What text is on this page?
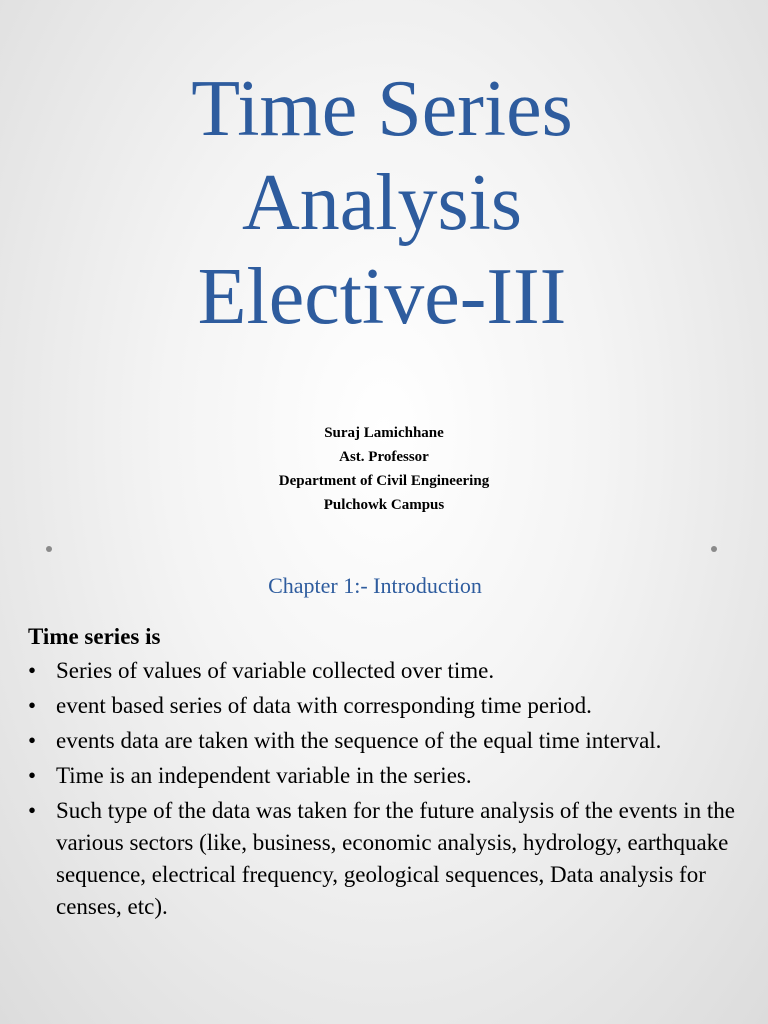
Time Series
Analysis
Elective-III
Suraj Lamichhane
Ast. Professor
Department of Civil Engineering
Pulchowk Campus
Chapter 1:- Introduction
Time series is
• Series of values of variable collected over time.
• event based series of data with corresponding time period.
• events data are taken with the sequence of the equal time interval.
• Time is an independent variable in the series.
• Such type of the data was taken for the future analysis of the events in the various sectors (like, business, economic analysis, hydrology, earthquake sequence, electrical frequency, geological sequences, Data analysis for censes, etc).
